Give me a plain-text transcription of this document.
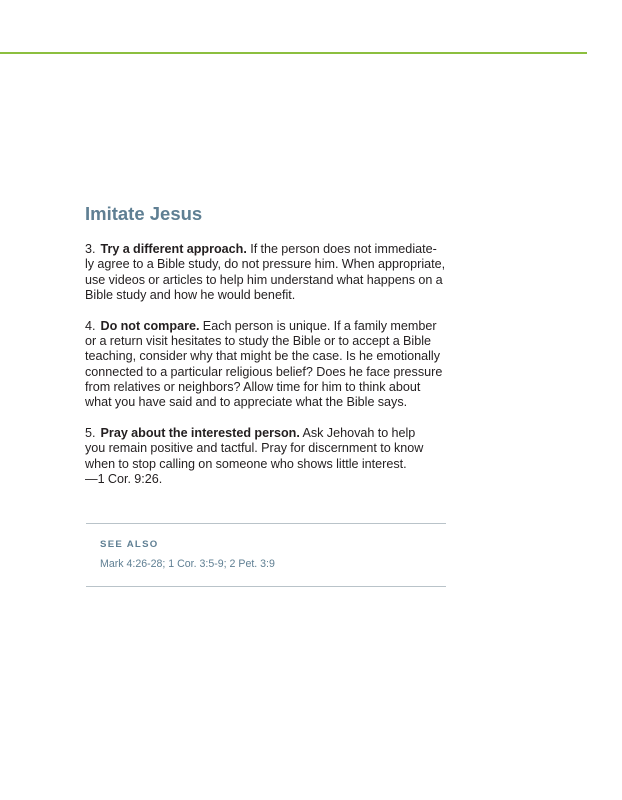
Imitate Jesus

3. Try a different approach. If the person does not immediate-
ly agree to a Bible study, do not pressure him. When appropriate,
use videos or articles to help him understand what happens on a
Bible study and how he would benefit.

4. Do not compare. Each person is unique. If a family member
or a return visit hesitates to study the Bible or to accept a Bible
teaching, consider why that might be the case. Is he emotionally
connected to a particular religious belief? Does he face pressure
from relatives or neighbors? Allow time for him to think about
what you have said and to appreciate what the Bible says.

5. Pray about the interested person. Ask Jehovah to help
you remain positive and tactful. Pray for discernment to know
when to stop calling on someone who shows little interest.
—1 Cor. 9:26.

SEE ALSO
Mark 4:26-28; 1 Cor. 3:5-9; 2 Pet. 3:9
